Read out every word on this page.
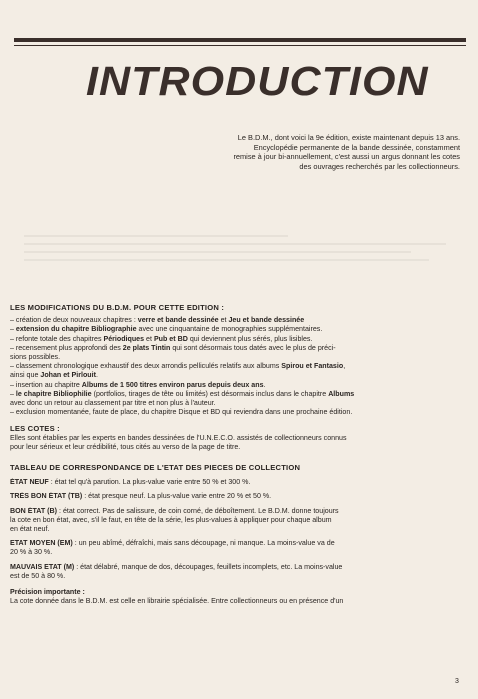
INTRODUCTION
Le B.D.M., dont voici la 9e édition, existe maintenant depuis 13 ans.
Encyclopédie permanente de la bande dessinée, constamment
remise à jour bi-annuellement, c'est aussi un argus donnant les cotes
des ouvrages recherchés par les collectionneurs.
LES MODIFICATIONS DU B.D.M. POUR CETTE EDITION :
– création de deux nouveaux chapitres : verre et bande dessinée et Jeu et bande dessinée
– extension du chapitre Bibliographie avec une cinquantaine de monographies supplémentaires.
– refonte totale des chapitres Périodiques et Pub et BD qui deviennent plus sérés, plus lisibles.
– recensement plus approfondi des 2e plats Tintin qui sont désormais tous datés avec le plus de préci-
sions possibles.
– classement chronologique exhaustif des deux arrondis pelliculés relatifs aux albums Spirou et Fantasio,
ainsi que Johan et Pirlouit.
– insertion au chapitre Albums de 1 500 titres environ parus depuis deux ans.
– le chapitre Bibliophilie (portfolios, tirages de tête ou limités) est désormais inclus dans le chapitre Albums
avec donc un retour au classement par titre et non plus à l'auteur.
– exclusion momentanée, faute de place, du chapitre Disque et BD qui reviendra dans une prochaine édition.
LES COTES :
Elles sont établies par les experts en bandes dessinées de l'U.N.E.C.O. assistés de collectionneurs connus
pour leur sérieux et leur crédibilité, tous cités au verso de la page de titre.
TABLEAU DE CORRESPONDANCE DE L'ETAT DES PIECES DE COLLECTION
ÉTAT NEUF : état tel qu'à parution. La plus-value varie entre 50 % et 300 %.
TRÈS BON ÉTAT (TB) : état presque neuf. La plus-value varie entre 20 % et 50 %.
BON ÉTAT (B) : état correct. Pas de salissure, de coin corné, de déboîtement. Le B.D.M. donne toujours
la cote en bon état, avec, s'il le faut, en tête de la série, les plus-values à appliquer pour chaque album
en état neuf.
ETAT MOYEN (EM) : un peu abîmé, défraîchi, mais sans découpage, ni manque. La moins-value va de
20 % à 30 %.
MAUVAIS ETAT (M) : état délabré, manque de dos, découpages, feuillets incomplets, etc. La moins-value
est de 50 à 80 %.
Précision importante :
La cote donnée dans le B.D.M. est celle en librairie spécialisée. Entre collectionneurs ou en présence d'un
3
